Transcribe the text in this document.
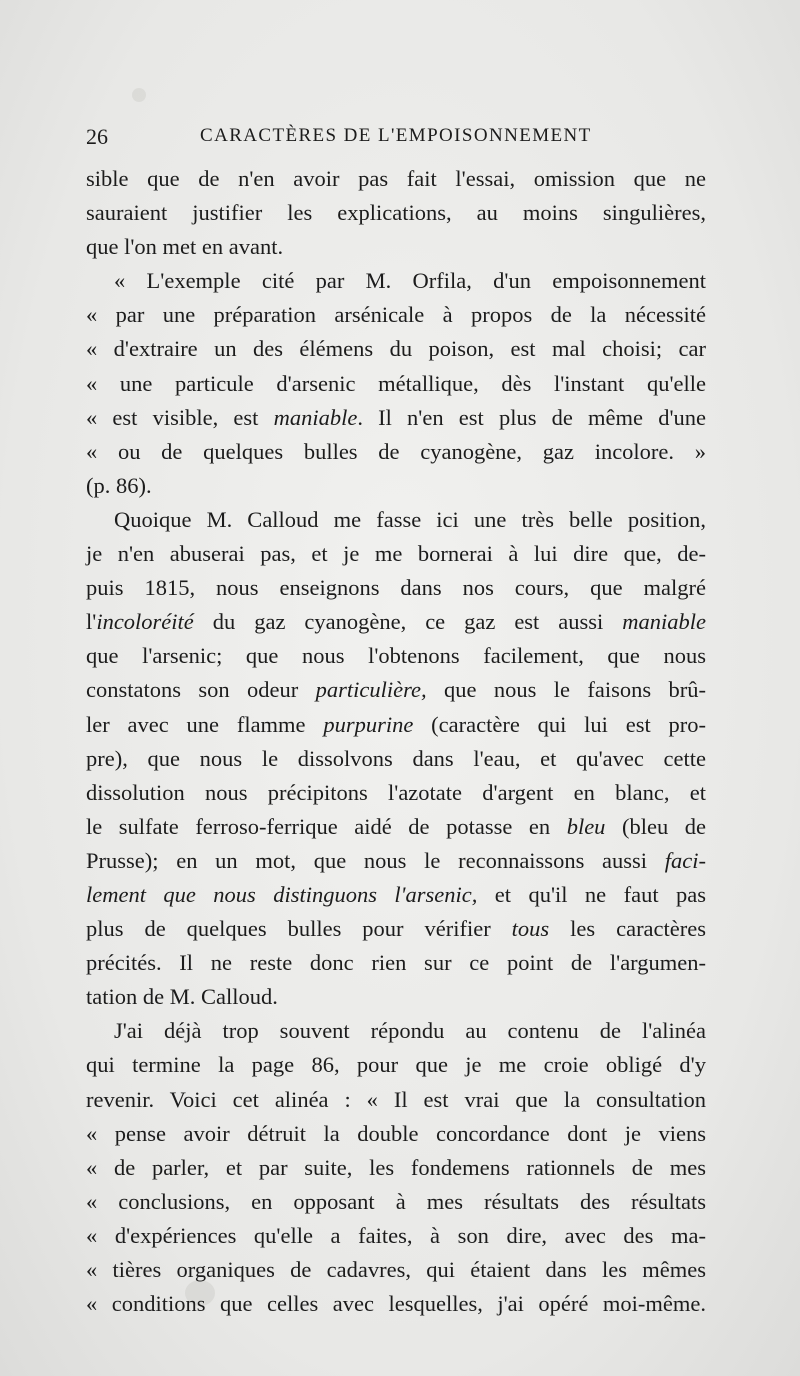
26	CARACTÈRES DE L'EMPOISONNEMENT
sible que de n'en avoir pas fait l'essai, omission que ne
sauraient justifier les explications, au moins singulières,
que l'on met en avant.
« L'exemple cité par M. Orfila, d'un empoisonnement
« par une préparation arsénicale à propos de la nécessité
« d'extraire un des élémens du poison, est mal choisi; car
« une particule d'arsenic métallique, dès l'instant qu'elle
« est visible, est maniable. Il n'en est plus de même d'une
« ou de quelques bulles de cyanogène, gaz incolore. »
(p. 86).
Quoique M. Calloud me fasse ici une très belle position,
je n'en abuserai pas, et je me bornerai à lui dire que, de-
puis 1815, nous enseignons dans nos cours, que malgré
l'incoloréité du gaz cyanogène, ce gaz est aussi maniable
que l'arsenic; que nous l'obtenons facilement, que nous
constatons son odeur particulière, que nous le faisons brû-
ler avec une flamme purpurine (caractère qui lui est pro-
pre), que nous le dissolvons dans l'eau, et qu'avec cette
dissolution nous précipitons l'azotate d'argent en blanc, et
le sulfate ferroso-ferrique aidé de potasse en bleu (bleu de
Prusse); en un mot, que nous le reconnaissons aussi faci-
lement que nous distinguons l'arsenic, et qu'il ne faut pas
plus de quelques bulles pour vérifier tous les caractères
précités. Il ne reste donc rien sur ce point de l'argumen-
tation de M. Calloud.
J'ai déjà trop souvent répondu au contenu de l'alinéa
qui termine la page 86, pour que je me croie obligé d'y
revenir. Voici cet alinéa : « Il est vrai que la consultation
« pense avoir détruit la double concordance dont je viens
« de parler, et par suite, les fondemens rationnels de mes
« conclusions, en opposant à mes résultats des résultats
« d'expériences qu'elle a faites, à son dire, avec des ma-
« tières organiques de cadavres, qui étaient dans les mêmes
« conditions que celles avec lesquelles, j'ai opéré moi-même.
